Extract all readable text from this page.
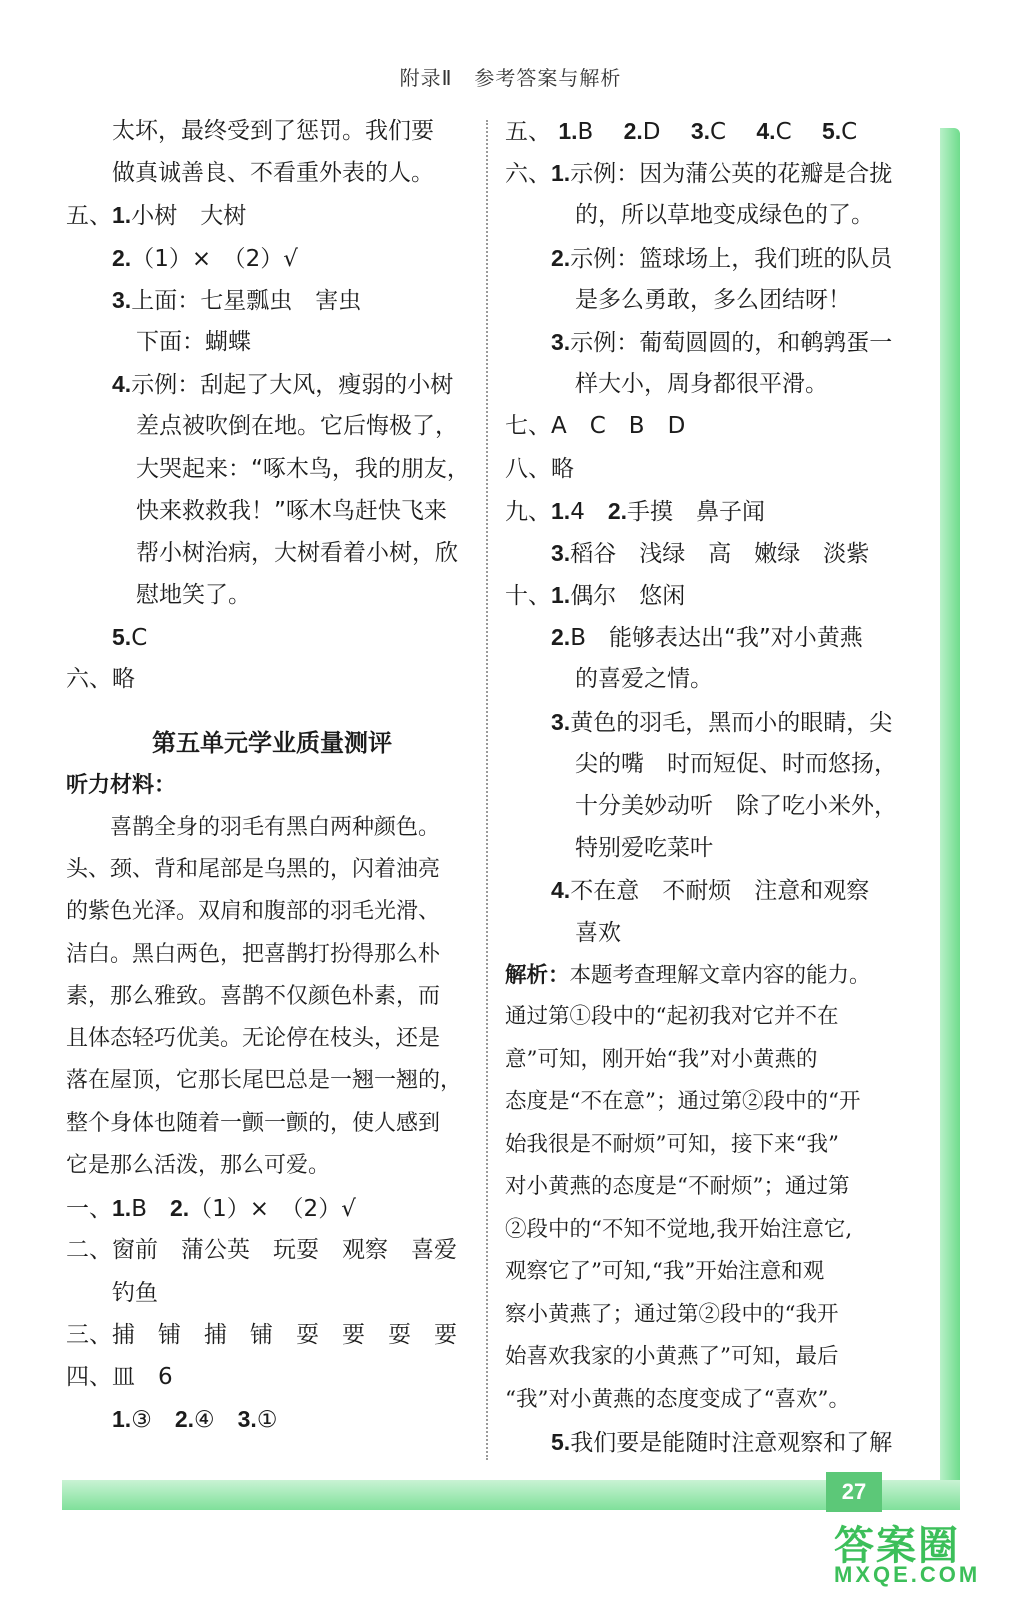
附录Ⅱ 参考答案与解析
太坏，最终受到了惩罚。我们要
做真诚善良、不看重外表的人。
五、1.小树　大树
2.（1）×　（2）√
3.上面：七星瓢虫　害虫
下面：蝴蝶
4.示例：刮起了大风，瘦弱的小树
差点被吹倒在地。它后悔极了，
大哭起来：“啄木鸟，我的朋友，
快来救救我！”啄木鸟赶快飞来
帮小树治病，大树看着小树，欣
慰地笑了。
5.C
六、略
第五单元学业质量测评
听力材料：
　　喜鹊全身的羽毛有黑白两种颜色。
头、颈、背和尾部是乌黑的，闪着油亮
的紫色光泽。双肩和腹部的羽毛光滑、
洁白。黑白两色，把喜鹊打扮得那么朴
素，那么雅致。喜鹊不仅颜色朴素，而
且体态轻巧优美。无论停在枝头，还是
落在屋顶，它那长尾巴总是一翘一翘的，
整个身体也随着一颤一颤的，使人感到
它是那么活泼，那么可爱。
一、1.B　2.（1）×　（2）√
二、窗前　蒲公英　玩耍　观察　喜爱
钓鱼
三、捕　铺　捕　铺　耍　要　耍　要
四、皿　6
1.③　2.④　3.①
五、 1.B　 2.D　 3.C　 4.C　 5.C
六、1.示例：因为蒲公英的花瓣是合拢
的，所以草地变成绿色的了。
2.示例：篮球场上，我们班的队员
是多么勇敢，多么团结呀！
3.示例：葡萄圆圆的，和鹌鹑蛋一
样大小，周身都很平滑。
七、A　C　B　D
八、略
九、1.4　2.手摸　鼻子闻
3.稻谷　浅绿　高　嫩绿　淡紫
十、1.偶尔　悠闲
2.B　能够表达出“我”对小黄燕
的喜爱之情。
3.黄色的羽毛，黑而小的眼睛，尖
尖的嘴　时而短促、时而悠扬，
十分美妙动听　除了吃小米外，
特别爱吃菜叶
4.不在意　不耐烦　注意和观察
喜欢
解析：本题考查理解文章内容的能力。
通过第①段中的“起初我对它并不在
意”可知，刚开始“我”对小黄燕的
态度是“不在意”；通过第②段中的“开
始我很是不耐烦”可知，接下来“我”
对小黄燕的态度是“不耐烦”；通过第
②段中的“不知不觉地,我开始注意它,
观察它了”可知,“我”开始注意和观
察小黄燕了；通过第②段中的“我开
始喜欢我家的小黄燕了”可知，最后
“我”对小黄燕的态度变成了“喜欢”。
5.我们要是能随时注意观察和了解
27
答案圈
MXQE.COM
